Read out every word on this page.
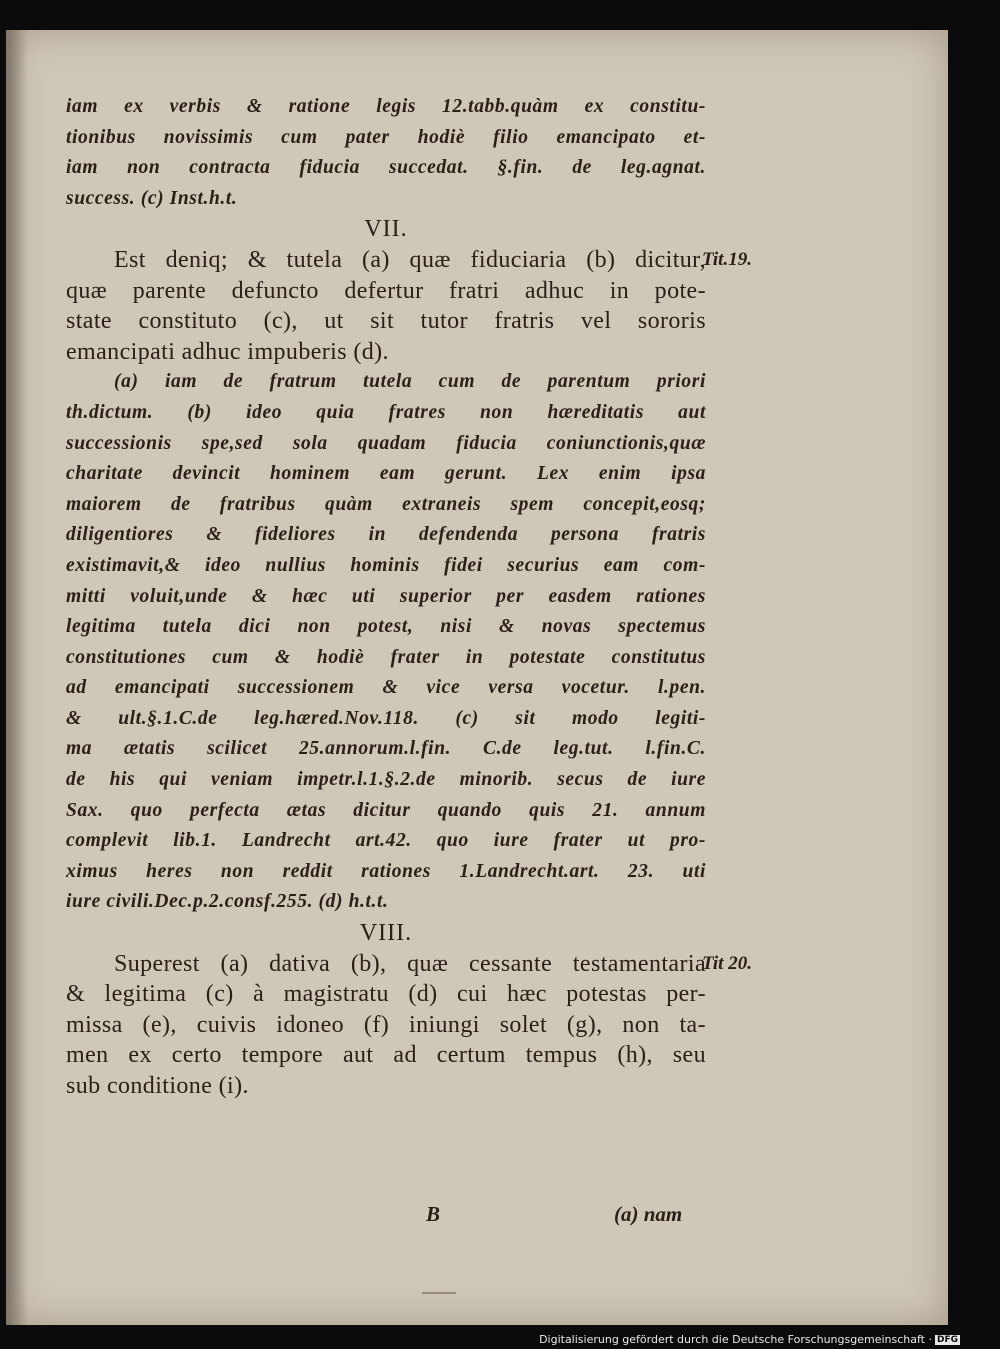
iam ex verbis & ratione legis 12.tabb.quàm ex constitu-
tionibus novissimis cum pater hodiè filio emancipato et-
iam non contracta fiducia succedat. §.fin. de leg.agnat.
success. (c) Inst.h.t.
VII.
Est deniq; & tutela (a) quæ fiduciaria (b) dicitur,
quæ parente defuncto defertur fratri adhuc in pote-
state constituto (c), ut sit tutor fratris vel sororis
emancipati adhuc impuberis (d).
(a) iam de fratrum tutela cum de parentum priori
th.dictum. (b) ideo quia fratres non hæreditatis aut
successionis spe,sed sola quadam fiducia coniunctionis,quæ
charitate devincit hominem eam gerunt. Lex enim ipsa
maiorem de fratribus quàm extraneis spem concepit,eosq;
diligentiores & fideliores in defendenda persona fratris
existimavit,& ideo nullius hominis fidei securius eam com-
mitti voluit,unde & hæc uti superior per easdem rationes
legitima tutela dici non potest, nisi & novas spectemus
constitutiones cum & hodiè frater in potestate constitutus
ad emancipati successionem & vice versa vocetur. l.pen.
& ult.§.1.C.de leg.hæred.Nov.118. (c) sit modo legiti-
ma ætatis scilicet 25.annorum.l.fin. C.de leg.tut. l.fin.C.
de his qui veniam impetr.l.1.§.2.de minorib. secus de iure
Sax. quo perfecta ætas dicitur quando quis 21. annum
complevit lib.1. Landrecht art.42. quo iure frater ut pro-
ximus heres non reddit rationes 1.Landrecht.art. 23. uti
iure civili.Dec.p.2.consf.255. (d) h.t.t.
VIII.
Superest (a) dativa (b), quæ cessante testamentaria
& legitima (c) à magistratu (d) cui hæc potestas per-
missa (e), cuivis idoneo (f) iniungi solet (g), non ta-
men ex certo tempore aut ad certum tempus (h), seu
sub conditione (i).
Tit.19.
Tit 20.
B	(a) nam
Digitalisierung gefördert durch die Deutsche Forschungsgemeinschaft · DFG
